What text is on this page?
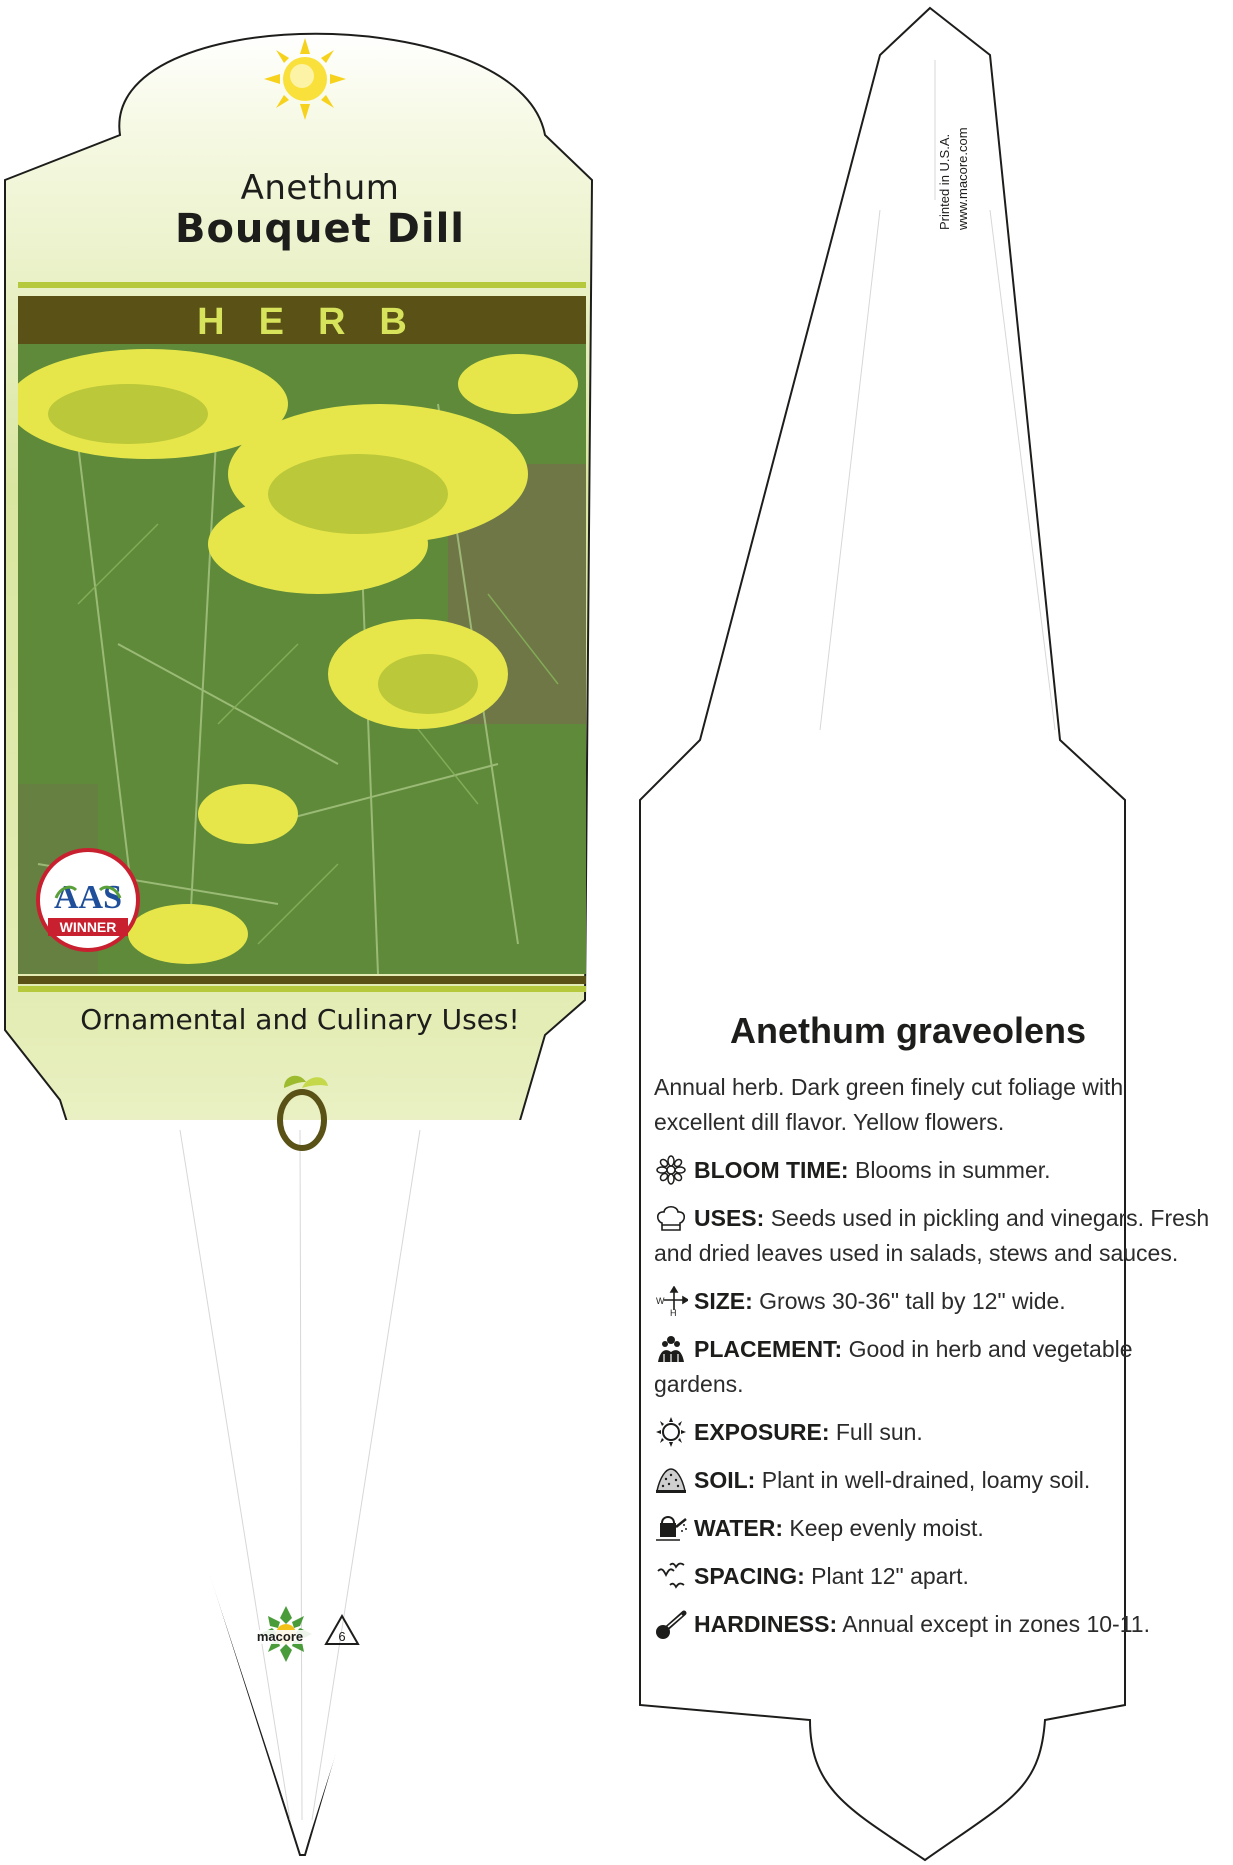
Anethum
Bouquet Dill
HERB
AAS
WINNER
Ornamental and Culinary Uses!
macore	6
Printed in U.S.A. www.macore.com
Anethum graveolens

Annual herb. Dark green finely cut foliage with excellent dill flavor. Yellow flowers.

BLOOM TIME: Blooms in summer.

USES: Seeds used in pickling and vinegars. Fresh and dried leaves used in salads, stews and sauces.

W
H SIZE: Grows 30-36" tall by 12" wide.

PLACEMENT: Good in herb and vegetable gardens.

EXPOSURE: Full sun.

SOIL: Plant in well-drained, loamy soil.

WATER: Keep evenly moist.

SPACING: Plant 12" apart.

HARDINESS: Annual except in zones 10-11.
